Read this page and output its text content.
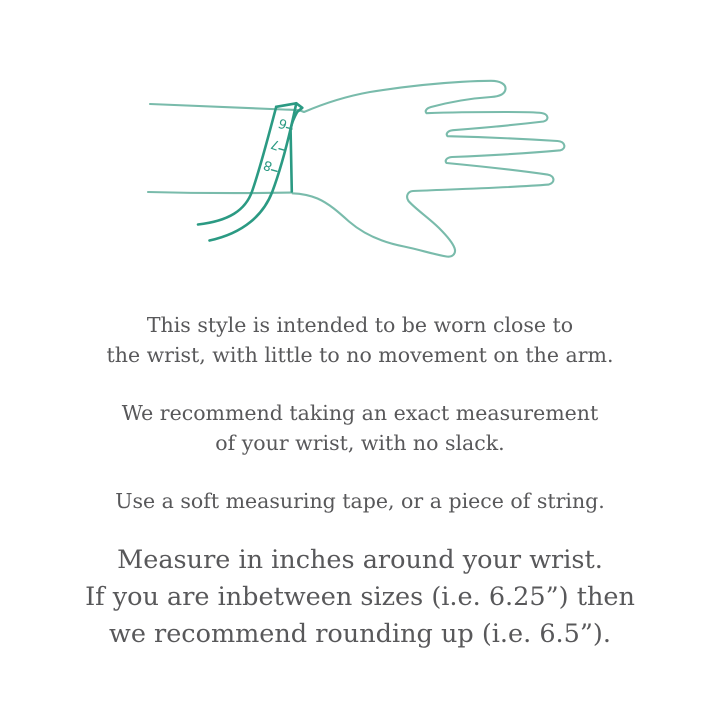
6
7
8
This style is intended to be worn close to
the wrist, with little to no movement on the arm.
We recommend taking an exact measurement
of your wrist, with no slack.
Use a soft measuring tape, or a piece of string.
Measure in inches around your wrist.
If you are inbetween sizes (i.e. 6.25”) then
we recommend rounding up (i.e. 6.5”).
